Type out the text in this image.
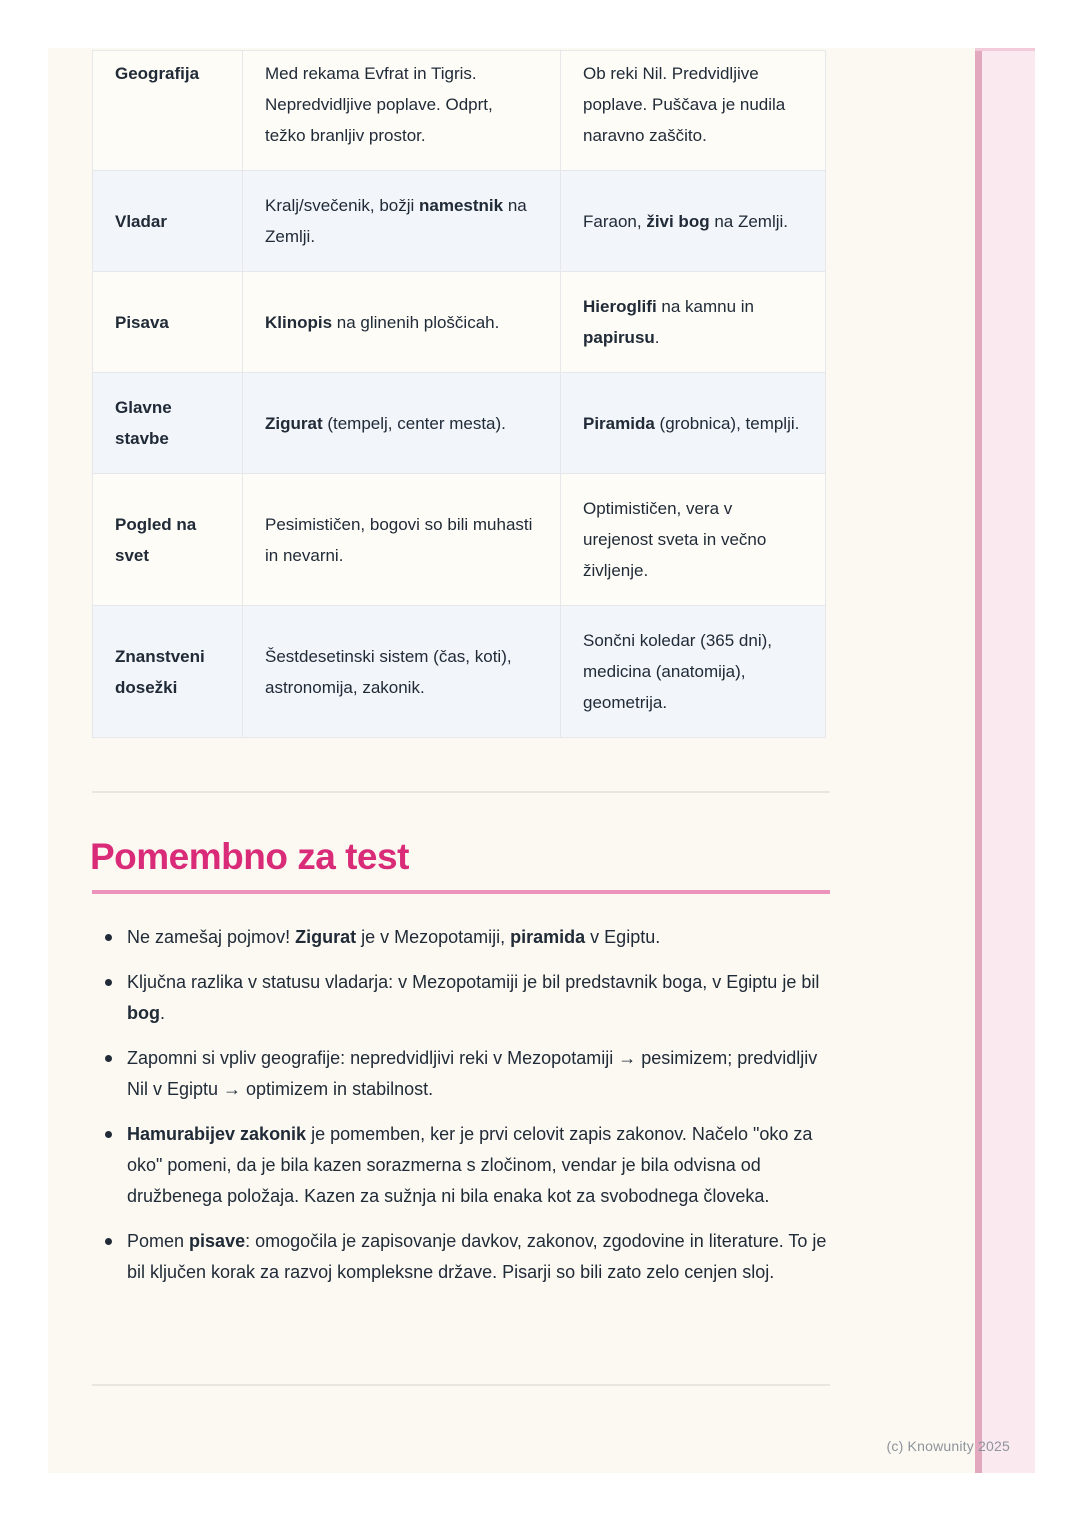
Geografija	Med rekama Evfrat in Tigris. Nepredvidljive poplave. Odprt, težko branljiv prostor.	Ob reki Nil. Predvidljive poplave. Puščava je nudila naravno zaščito.
Vladar	Kralj/svečenik, božji namestnik na Zemlji.	Faraon, živi bog na Zemlji.
Pisava	Klinopis na glinenih ploščicah.	Hieroglifi na kamnu in papirusu.
Glavne stavbe	Zigurat (tempelj, center mesta).	Piramida (grobnica), templji.
Pogled na svet	Pesimističen, bogovi so bili muhasti in nevarni.	Optimističen, vera v urejenost sveta in večno življenje.
Znanstveni dosežki	Šestdesetinski sistem (čas, koti), astronomija, zakonik.	Sončni koledar (365 dni), medicina (anatomija), geometrija.
Pomembno za test
Ne zamešaj pojmov! Zigurat je v Mezopotamiji, piramida v Egiptu.
Ključna razlika v statusu vladarja: v Mezopotamiji je bil predstavnik boga, v Egiptu je bil bog.
Zapomni si vpliv geografije: nepredvidljivi reki v Mezopotamiji → pesimizem; predvidljiv Nil v Egiptu → optimizem in stabilnost.
Hamurabijev zakonik je pomemben, ker je prvi celovit zapis zakonov. Načelo "oko za oko" pomeni, da je bila kazen sorazmerna s zločinom, vendar je bila odvisna od družbenega položaja. Kazen za sužnja ni bila enaka kot za svobodnega človeka.
Pomen pisave: omogočila je zapisovanje davkov, zakonov, zgodovine in literature. To je bil ključen korak za razvoj kompleksne države. Pisarji so bili zato zelo cenjen sloj.
(c) Knowunity 2025
